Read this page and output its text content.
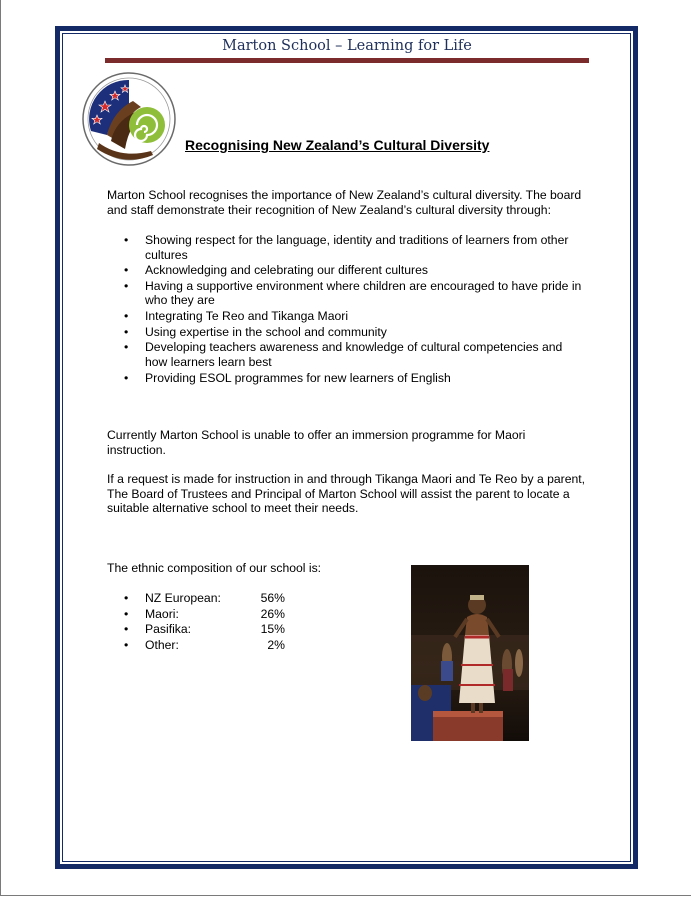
Marton School – Learning for Life
Recognising New Zealand’s Cultural Diversity
Marton School recognises the importance of New Zealand’s cultural diversity. The board and staff demonstrate their recognition of New Zealand’s cultural diversity through:
• Showing respect for the language, identity and traditions of learners from other cultures
• Acknowledging and celebrating our different cultures
• Having a supportive environment where children are encouraged to have pride in who they are
• Integrating Te Reo and Tikanga Maori
• Using expertise in the school and community
• Developing teachers awareness and knowledge of cultural competencies and how learners learn best
• Providing ESOL programmes for new learners of English
Currently Marton School is unable to offer an immersion programme for Maori instruction.
If a request is made for instruction in and through Tikanga Maori and Te Reo by a parent, The Board of Trustees and Principal of Marton School will assist the parent to locate a suitable alternative school to meet their needs.
The ethnic composition of our school is:
• NZ European:	56%
• Maori:	26%
• Pasifika:	15%
• Other:	2%
